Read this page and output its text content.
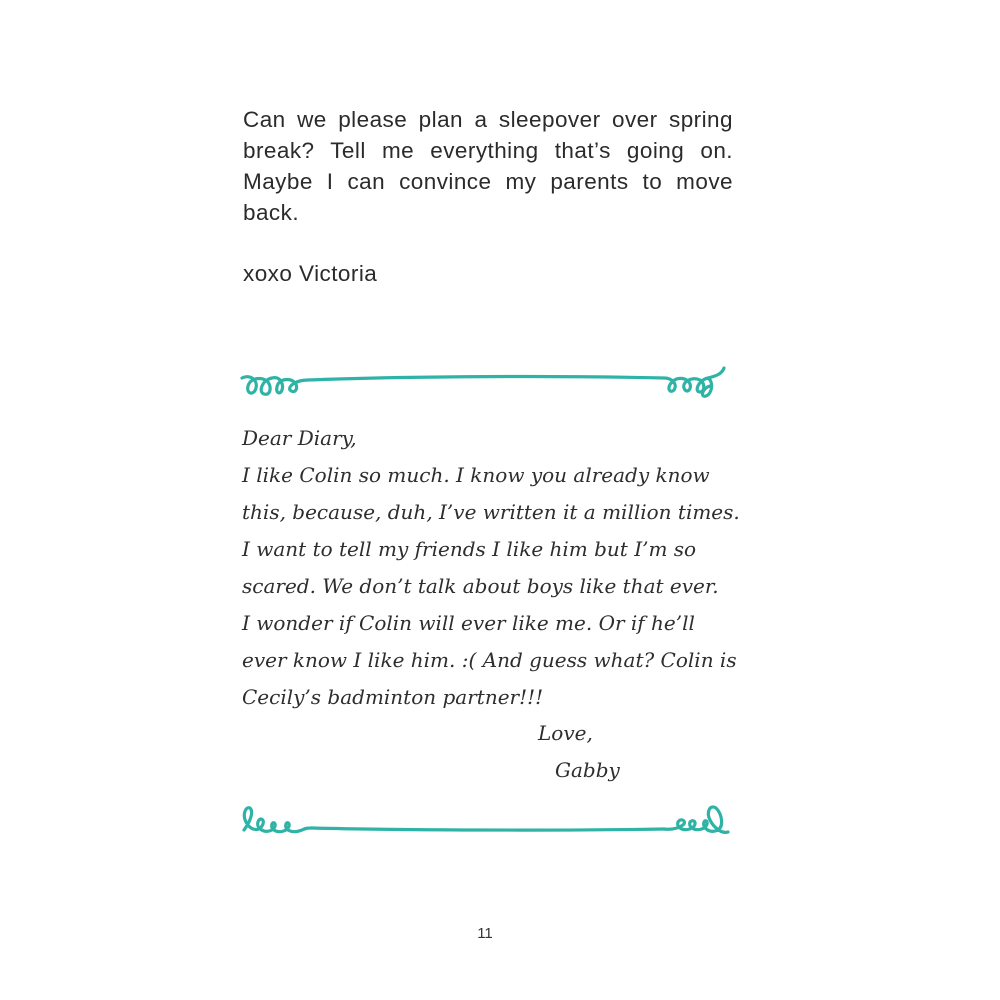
Can we please plan a sleepover over spring break? Tell me everything that’s going on. Maybe I can convince my parents to move back.

xoxo Victoria

Dear Diary,
I like Colin so much. I know you already know
this, because, duh, I’ve written it a million times.
I want to tell my friends I like him but I’m so
scared. We don’t talk about boys like that ever.
I wonder if Colin will ever like me. Or if he’ll
ever know I like him. :( And guess what? Colin is
Cecily’s badminton partner!!!
Love,
Gabby
11
